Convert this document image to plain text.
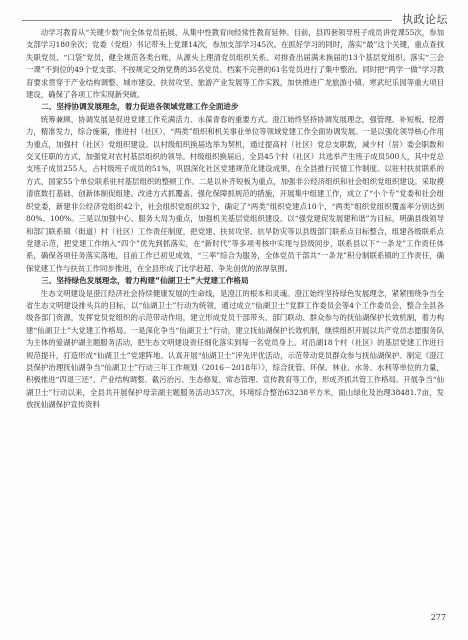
执政论坛

动学习教育从“关键少数”向全体党员拓展、从集中性教育向经常性教育延伸。目前，县四套领导班子成员讲党课55次，参加支部学习180余次；党委（党组）书记带头上党课14次，参加支部学习45次。在抓好学习的同时，落实“最”这个关键，重点查找失职党员、“口袋”党员，健全规范各类台账，从源头上理清党员组织关系。对排查出届满未换届的13个基层党组织、落实“三会一课”不到位的49个党支部、不按规定交纳党费的35名党员、档案不完善的61名党员进行了集中整治。同时把“两学一做”学习教育要求贯穿于产业结构调整、城市建设、扶贫攻坚、旅游产业发展等工作实践，加快推进广龙旅游小镇、寒武纪乐园等重大项目建设，确保了各项工作实现新突破。

二、坚持协调发展理念，着力促进各领域党建工作全面进步

统筹兼顾、协调发展是促进党建工作充满活力、永葆青春的重要方式。澄江始终坚持协调发展理念，强管理、补短板、挖潜力，精准发力，综合施策，推进村（社区）、“两类”组织和机关事业单位等领域党建工作全面协调发展。一是以强化领导核心作用为重点，加强村（社区）党组织建设。以村级组织换届选举为契机，通过提高村（社区）党总支职数，减少村（居）委会职数和交叉任职的方式，加强党对农村基层组织的领导。村级组织换届后，全县45个村（社区）共选举产生班子成员500人，其中党总支班子成员255人，占村级班子成员的51%，巩固深化社区党建规范化建设成果，在全县推行民情工作制度。以驻村扶贫联系的方式，国家55个单位联系驻村基层组织的整顿工作。二是以补齐短板为重点，加强非公经济组织和社会组织党组织建设。采取摸清底数打基础、创新体制促组建、改进方式抓覆盖、强化保障抓规范的措施，开展集中组建工作，成立了“小个专”党委和社会组织党委，新建非公经济党组织42个，社会组织党组织32个，确定了“两类”组织党建点10个，“两类”组织党组织覆盖率分别达到80%、100%。三是以加强中心、服务大局为重点，加强机关基层党组织建设。以“强党建促发展建和谐”为目标，明确县级领导和部门联系镇（街道）村（社区）工作责任制度，把党建、扶贫攻坚、抗旱防灾等以县级部门联系点目标整合，组建各级联系点党建示范，把党建工作纳入“四个”优先到抓落实，在“新时代”等多项考核中实现与县级同步，联系县以下“一条龙”工作责任体系，确保各项任务落实落地，目前工作已初见成效，“三率”综合为服务，全体党员干部共“一条龙”积分制联系镇的工作责任，确保党建工作与扶贫工作同步推进，在全县形成了比学赶超、争先创优的浓厚氛围。

三、坚持绿色发展理念，着力构建“仙湖卫士”大党建工作格局

生态文明建设是澄江经济社会持续健康发展的生命线，是澄江的根本和灵魂。澄江始终坚持绿色发展理念，紧紧围绕争当全省生态文明建设排头兵的目标，以“仙湖卫士”行动为统领，通过成立“仙湖卫士”党群工作委员会等4个工作委员会，整合全县各级各部门资源，发挥党员党组织的示范带动作用，建立形成党员干部带头、部门联动、群众参与的抚仙湖保护长效机制，着力构建“仙湖卫士”大党建工作格局。一是深化争当“仙湖卫士”行动，建立抚仙湖保护长效机制，继续组织开展以共产党员志愿服务队为主体的爱湖护湖主题服务活动，把生态文明建设责任细化落实到每一名党员身上。对沿湖18个村（社区）的基层党建工作进行规范提升，打造形成“仙湖卫士”党建阵地。认真开展“仙湖卫士”评先评优活动，示范带动党员群众参与抚仙湖保护。制定《澄江县保护治理抚仙湖争当“仙湖卫士”行动三年工作规划（2016－2018年）》，综合抚管、环保、林业、水务、水利等单位的力量，积极推进“四退三还”、产业结构调整、截污治污、生态修复、常态管理、宣传教育等工作，形成齐抓共管工作格局。开展争当“仙湖卫士”行动以来，全县共开展保护母亲湖主题服务活动357次，环境综合整治63238平方米，面山绿化及治理38481.7亩，发放抚仙湖保护宣传资料

277
